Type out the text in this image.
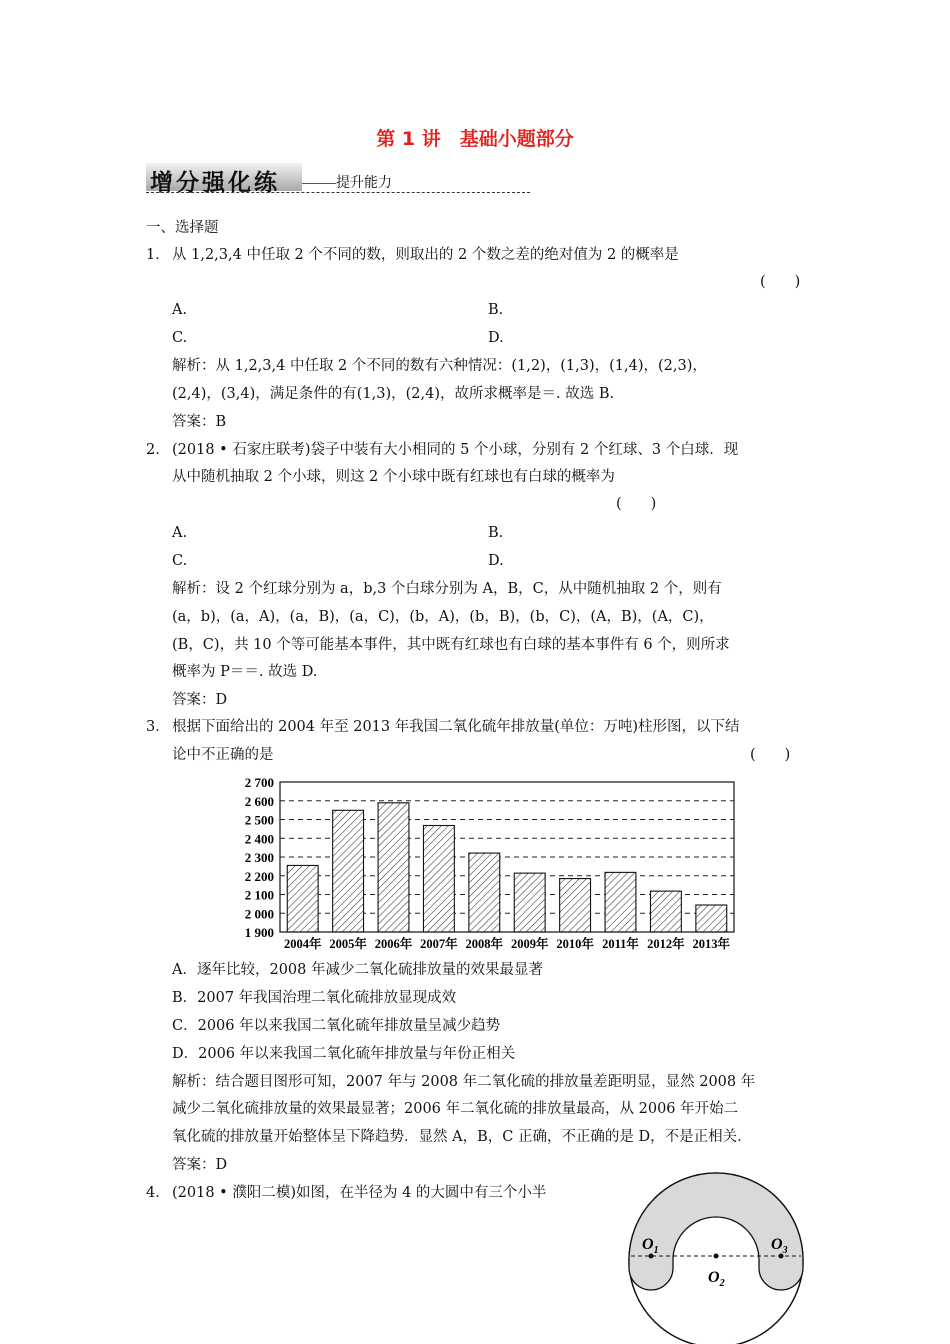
第 1 讲　基础小题部分
增分强化练	提升能力
一、选择题
1． 从 1,2,3,4 中任取 2 个不同的数，则取出的 2 个数之差的绝对值为 2 的概率是
(　　)
A.	B.
C.	D.
解析：从 1,2,3,4 中任取 2 个不同的数有六种情况：(1,2)，(1,3)，(1,4)，(2,3)，
(2,4)，(3,4)，满足条件的有(1,3)，(2,4)，故所求概率是＝. 故选 B.
答案：B
2． (2018 • 石家庄联考)袋子中装有大小相同的 5 个小球，分别有 2 个红球、3 个白球．现
从中随机抽取 2 个小球，则这 2 个小球中既有红球也有白球的概率为
(　　)
A.	B.
C.	D.
解析：设 2 个红球分别为 a，b,3 个白球分别为 A，B，C，从中随机抽取 2 个，则有
(a，b)，(a，A)，(a，B)，(a，C)，(b，A)，(b，B)，(b，C)，(A，B)，(A，C)，
(B，C)，共 10 个等可能基本事件，其中既有红球也有白球的基本事件有 6 个，则所求
概率为 P＝＝. 故选 D.
答案：D
3． 根据下面给出的 2004 年至 2013 年我国二氧化硫年排放量(单位：万吨)柱形图，以下结
论中不正确的是	(　　)
1 900
2 000
2 100
2 200
2 300
2 400
2 500
2 600
2 700
2004年 2005年 2006年 2007年 2008年 2009年 2010年 2011年 2012年 2013年
A．逐年比较，2008 年减少二氧化硫排放量的效果最显著
B．2007 年我国治理二氧化硫排放显现成效
C．2006 年以来我国二氧化硫年排放量呈减少趋势
D．2006 年以来我国二氧化硫年排放量与年份正相关
解析：结合题目图形可知，2007 年与 2008 年二氧化硫的排放量差距明显，显然 2008 年
减少二氧化硫排放量的效果最显著；2006 年二氧化硫的排放量最高，从 2006 年开始二
氧化硫的排放量开始整体呈下降趋势．显然 A，B，C 正确，不正确的是 D，不是正相关．
答案：D
4． (2018 • 濮阳二模)如图，在半径为 4 的大圆中有三个小半
$O_1$
$O_2$
$O_3$
